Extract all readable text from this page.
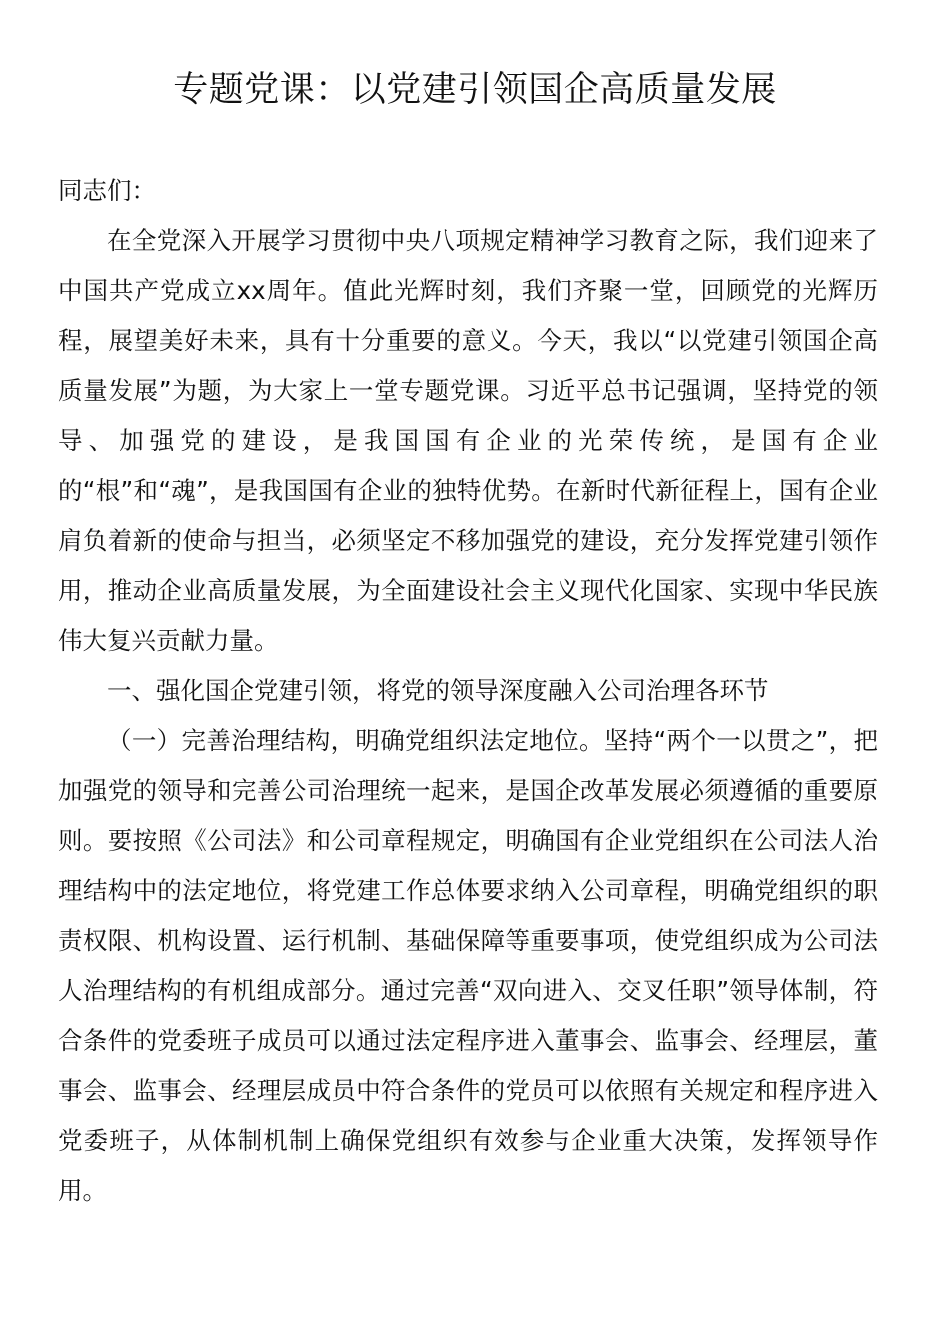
专题党课：以党建引领国企高质量发展

同志们：

在全党深入开展学习贯彻中央八项规定精神学习教育之际，我们迎来了中国共产党成立xx周年。值此光辉时刻，我们齐聚一堂，回顾党的光辉历程，展望美好未来，具有十分重要的意义。今天，我以“以党建引领国企高质量发展”为题，为大家上一堂专题党课。习近平总书记强调，坚持党的领导、加强党的建设，是我国国有企业的光荣传统，是国有企业的“根”和“魂”，是我国国有企业的独特优势。在新时代新征程上，国有企业肩负着新的使命与担当，必须坚定不移加强党的建设，充分发挥党建引领作用，推动企业高质量发展，为全面建设社会主义现代化国家、实现中华民族伟大复兴贡献力量。

一、强化国企党建引领，将党的领导深度融入公司治理各环节

（一）完善治理结构，明确党组织法定地位。坚持“两个一以贯之”，把加强党的领导和完善公司治理统一起来，是国企改革发展必须遵循的重要原则。要按照《公司法》和公司章程规定，明确国有企业党组织在公司法人治理结构中的法定地位，将党建工作总体要求纳入公司章程，明确党组织的职责权限、机构设置、运行机制、基础保障等重要事项，使党组织成为公司法人治理结构的有机组成部分。通过完善“双向进入、交叉任职”领导体制，符合条件的党委班子成员可以通过法定程序进入董事会、监事会、经理层，董事会、监事会、经理层成员中符合条件的党员可以依照有关规定和程序进入党委班子，从体制机制上确保党组织有效参与企业重大决策，发挥领导作用。
